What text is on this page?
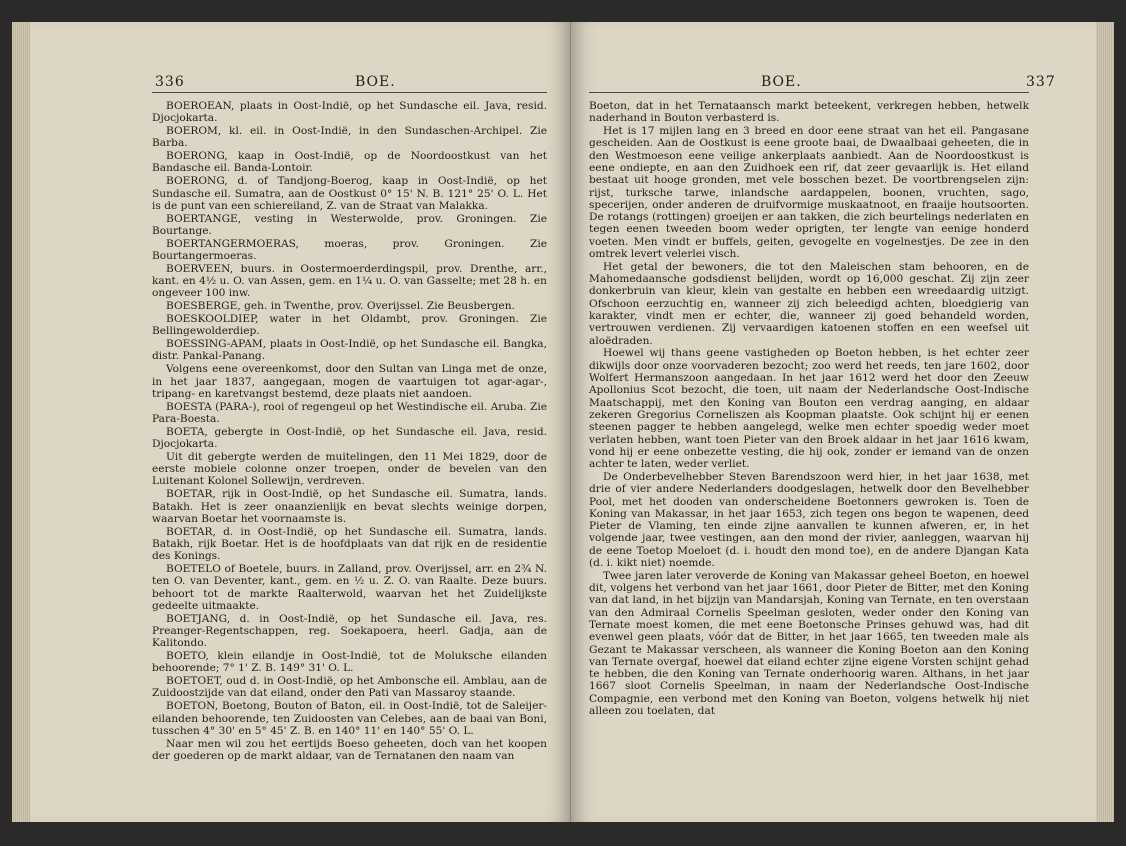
336	BOE.

BOEROEAN, plaats in Oost-Indië, op het Sundasche eil. Java, resid. Djocjokarta.

BOEROM, kl. eil. in Oost-Indië, in den Sundaschen-Archipel. Zie Barba.

BOERONG, kaap in Oost-Indië, op de Noordoostkust van het Bandasche eil. Banda-Lontoir.

BOERONG, d. of Tandjong-Boerog, kaap in Oost-Indië, op het Sundasche eil. Sumatra, aan de Oostkust 0° 15' N. B. 121° 25' O. L. Het is de punt van een schiereiland, Z. van de Straat van Malakka.

BOERTANGE, vesting in Westerwolde, prov. Groningen. Zie Bourtange.

BOERTANGERMOERAS, moeras, prov. Groningen. Zie Bourtangermoeras.

BOERVEEN, buurs. in Oostermoerderdingspil, prov. Drenthe, arr., kant. en 4½ u. O. van Assen, gem. en 1¼ u. O. van Gasselte; met 28 h. en ongeveer 100 inw.

BOESBERGE, geh. in Twenthe, prov. Overijssel. Zie Beusbergen.

BOESKOOLDIEP, water in het Oldambt, prov. Groningen. Zie Bellingewolderdiep.

BOESSING-APAM, plaats in Oost-Indië, op het Sundasche eil. Bangka, distr. Pankal-Panang.

Volgens eene overeenkomst, door den Sultan van Linga met de onze, in het jaar 1837, aangegaan, mogen de vaartuigen tot agar-agar-, tripang- en karetvangst bestemd, deze plaats niet aandoen.

BOESTA (PARA-), rooi of regengeul op het Westindische eil. Aruba. Zie Para-Boesta.

BOETA, gebergte in Oost-Indië, op het Sundasche eil. Java, resid. Djocjokarta.

Uit dit gebergte werden de muitelingen, den 11 Mei 1829, door de eerste mobiele colonne onzer troepen, onder de bevelen van den Luitenant Kolonel Sollewijn, verdreven.

BOETAR, rijk in Oost-Indië, op het Sundasche eil. Sumatra, lands. Batakh. Het is zeer onaanzienlijk en bevat slechts weinige dorpen, waarvan Boetar het voornaamste is.

BOETAR, d. in Oost-Indië, op het Sundasche eil. Sumatra, lands. Batakh, rijk Boetar. Het is de hoofdplaats van dat rijk en de residentie des Konings.

BOETELO of Boetele, buurs. in Zalland, prov. Overijssel, arr. en 2¾ N. ten O. van Deventer, kant., gem. en ½ u. Z. O. van Raalte. Deze buurs. behoort tot de markte Raalterwold, waarvan het het Zuidelijkste gedeelte uitmaakte.

BOETJANG, d. in Oost-Indië, op het Sundasche eil. Java, res. Preanger-Regentschappen, reg. Soekapoera, heerl. Gadja, aan de Kalitondo.

BOETO, klein eilandje in Oost-Indië, tot de Moluksche eilanden behoorende; 7° 1' Z. B. 149° 31' O. L.

BOETOET, oud d. in Oost-Indië, op het Ambonsche eil. Amblau, aan de Zuidoostzijde van dat eiland, onder den Pati van Massaroy staande.

BOETON, Boetong, Bouton of Baton, eil. in Oost-Indië, tot de Saleijer-eilanden behoorende, ten Zuidoosten van Celebes, aan de baai van Boni, tusschen 4° 30' en 5° 45' Z. B. en 140° 11' en 140° 55' O. L.

Naar men wil zou het eertijds Boeso geheeten, doch van het koopen der goederen op de markt aldaar, van de Ternatanen den naam van

BOE.	337

Boeton, dat in het Ternataansch markt beteekent, verkregen hebben, hetwelk naderhand in Bouton verbasterd is.

Het is 17 mijlen lang en 3 breed en door eene straat van het eil. Pangasane gescheiden. Aan de Oostkust is eene groote baai, de Dwaalbaai geheeten, die in den Westmoeson eene veilige ankerplaats aanbiedt. Aan de Noordoostkust is eene ondiepte, en aan den Zuidhoek een rif, dat zeer gevaarlijk is. Het eiland bestaat uit hooge gronden, met vele bosschen bezet. De voortbrengselen zijn: rijst, turksche tarwe, inlandsche aardappelen, boonen, vruchten, sago, specerijen, onder anderen de druifvormige muskaatnoot, en fraaije houtsoorten. De rotangs (rottingen) groeijen er aan takken, die zich beurtelings nederlaten en tegen eenen tweeden boom weder oprigten, ter lengte van eenige honderd voeten. Men vindt er buffels, geiten, gevogelte en vogelnestjes. De zee in den omtrek levert velerlei visch.

Het getal der bewoners, die tot den Maleischen stam behooren, en de Mahomedaansche godsdienst belijden, wordt op 16,000 geschat. Zij zijn zeer donkerbruin van kleur, klein van gestalte en hebben een wreedaardig uitzigt. Ofschoon eerzuchtig en, wanneer zij zich beleedigd achten, bloedgierig van karakter, vindt men er echter, die, wanneer zij goed behandeld worden, vertrouwen verdienen. Zij vervaardigen katoenen stoffen en een weefsel uit aloëdraden.

Hoewel wij thans geene vastigheden op Boeton hebben, is het echter zeer dikwijls door onze voorvaderen bezocht; zoo werd het reeds, ten jare 1602, door Wolfert Hermanszoon aangedaan. In het jaar 1612 werd het door den Zeeuw Apollonius Scot bezocht, die toen, uit naam der Nederlandsche Oost-Indische Maatschappij, met den Koning van Bouton een verdrag aanging, en aldaar zekeren Gregorius Corneliszen als Koopman plaatste. Ook schijnt hij er eenen steenen pagger te hebben aangelegd, welke men echter spoedig weder moet verlaten hebben, want toen Pieter van den Broek aldaar in het jaar 1616 kwam, vond hij er eene onbezette vesting, die hij ook, zonder er iemand van de onzen achter te laten, weder verliet.

De Onderbevelhebber Steven Barendszoon werd hier, in het jaar 1638, met drie of vier andere Nederlanders doodgeslagen, hetwelk door den Bevelhebber Pool, met het dooden van onderscheidene Boetonners gewroken is. Toen de Koning van Makassar, in het jaar 1653, zich tegen ons begon te wapenen, deed Pieter de Vlaming, ten einde zijne aanvallen te kunnen afweren, er, in het volgende jaar, twee vestingen, aan den mond der rivier, aanleggen, waarvan hij de eene Toetop Moeloet (d. i. houdt den mond toe), en de andere Djangan Kata (d. i. kikt niet) noemde.

Twee jaren later veroverde de Koning van Makassar geheel Boeton, en hoewel dit, volgens het verbond van het jaar 1661, door Pieter de Bitter, met den Koning van dat land, in het bijzijn van Mandarsjah, Koning van Ternate, en ten overstaan van den Admiraal Cornelis Speelman gesloten, weder onder den Koning van Ternate moest komen, die met eene Boetonsche Prinses gehuwd was, had dit evenwel geen plaats, vóór dat de Bitter, in het jaar 1665, ten tweeden male als Gezant te Makassar verscheen, als wanneer die Koning Boeton aan den Koning van Ternate overgaf, hoewel dat eiland echter zijne eigene Vorsten schijnt gehad te hebben, die den Koning van Ternate onderhoorig waren. Althans, in het jaar 1667 sloot Cornelis Speelman, in naam der Nederlandsche Oost-Indische Compagnie, een verbond met den Koning van Boeton, volgens hetwelk hij niet alleen zou toelaten, dat
